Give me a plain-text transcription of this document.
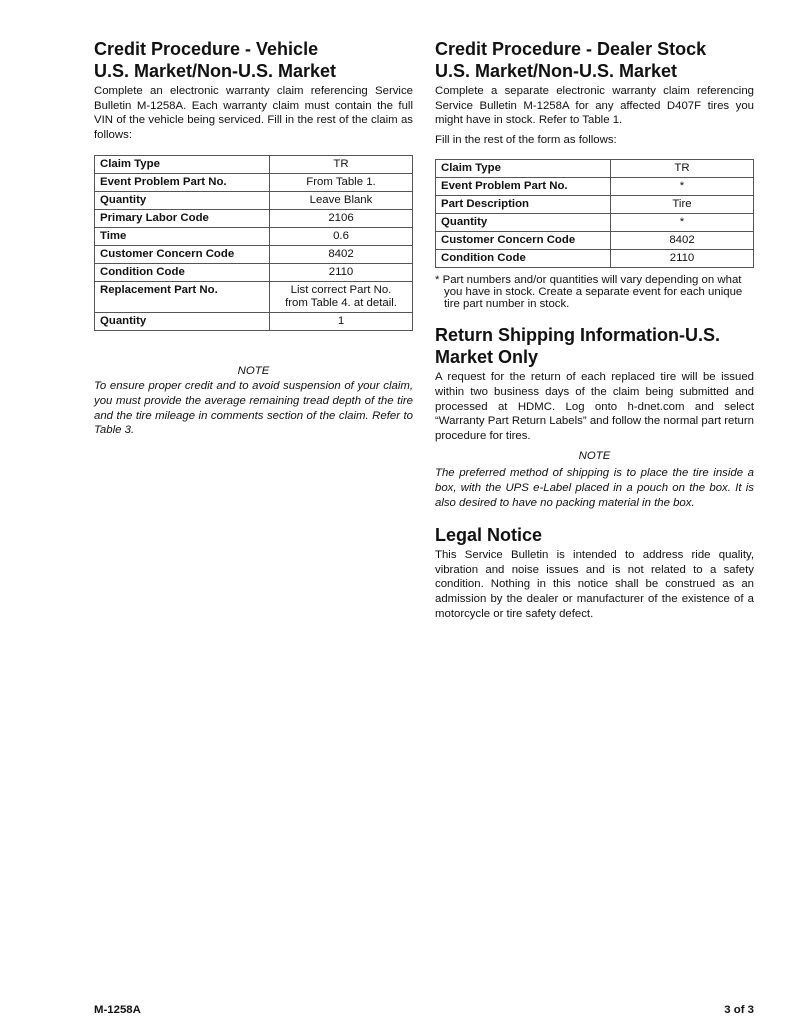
Credit Procedure - Vehicle
U.S. Market/Non-U.S. Market

Complete an electronic warranty claim referencing Service Bulletin M-1258A. Each warranty claim must contain the full VIN of the vehicle being serviced. Fill in the rest of the claim as follows:

Claim Type	TR

Event Problem Part No.	From Table 1.

Quantity	Leave Blank

Primary Labor Code	2106

Time	0.6

Customer Concern Code	8402

Condition Code	2110

Replacement Part No.	List correct Part No.
from Table 4. at detail.

Quantity	1
NOTE

To ensure proper credit and to avoid suspension of your claim, you must provide the average remaining tread depth of the tire and the tire mileage in comments section of the claim. Refer to Table 3.

Credit Procedure - Dealer Stock
U.S. Market/Non-U.S. Market

Complete a separate electronic warranty claim referencing Service Bulletin M-1258A for any affected D407F tires you might have in stock. Refer to Table 1.

Fill in the rest of the form as follows:

Claim Type	TR

Event Problem Part No.	*

Part Description	Tire

Quantity	*

Customer Concern Code	8402

Condition Code	2110

* Part numbers and/or quantities will vary depending on what you have in stock. Create a separate event for each unique tire part number in stock.

Return Shipping Information-U.S.
Market Only

A request for the return of each replaced tire will be issued within two business days of the claim being submitted and processed at HDMC. Log onto h-dnet.com and select “Warranty Part Return Labels” and follow the normal part return procedure for tires.

NOTE

The preferred method of shipping is to place the tire inside a box, with the UPS e-Label placed in a pouch on the box. It is also desired to have no packing material in the box.

Legal Notice

This Service Bulletin is intended to address ride quality, vibration and noise issues and is not related to a safety condition. Nothing in this notice shall be construed as an admission by the dealer or manufacturer of the existence of a motorcycle or tire safety defect.

M-1258A	3 of 3
